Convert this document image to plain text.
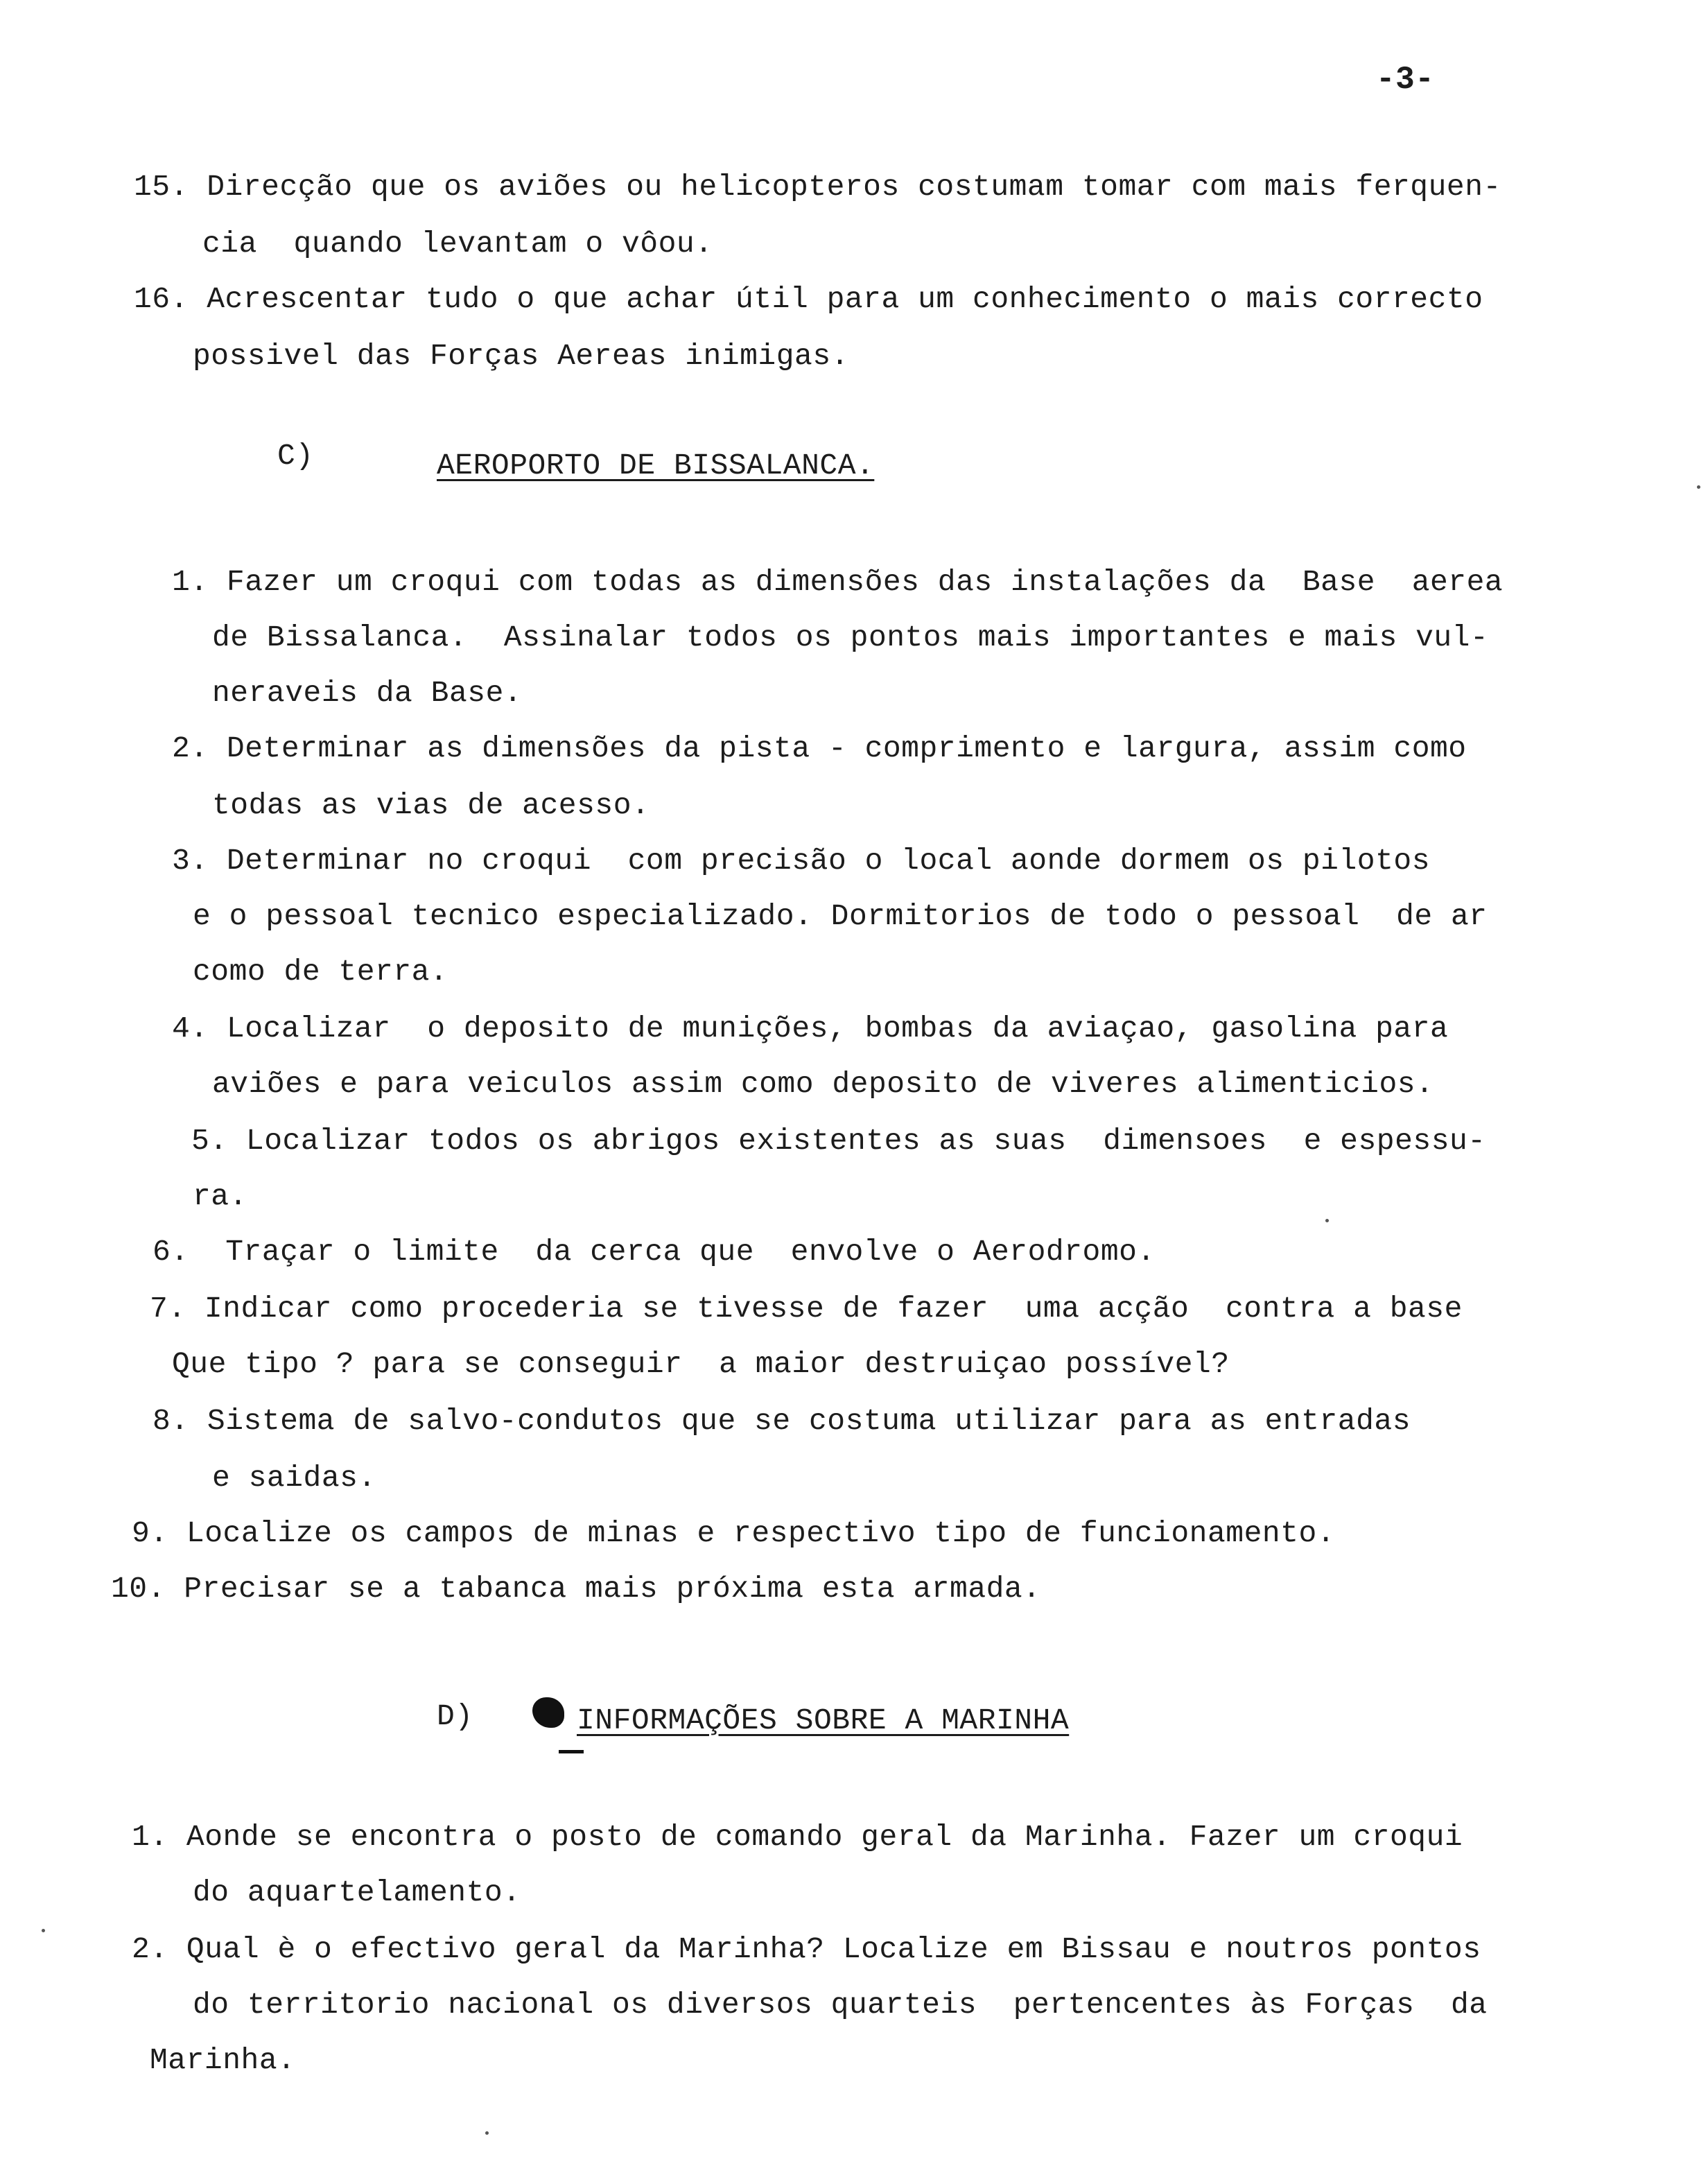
-3-
15. Direcção que os aviões ou helicopteros costumam tomar com mais ferquen-
cia  quando levantam o vôou.
16. Acrescentar tudo o que achar útil para um conhecimento o mais correcto
possivel das Forças Aereas inimigas.
C)	AEROPORTO DE BISSALANCA.
1. Fazer um croqui com todas as dimensões das instalações da  Base  aerea
de Bissalanca.  Assinalar todos os pontos mais importantes e mais vul-
neraveis da Base.
2. Determinar as dimensões da pista - comprimento e largura, assim como
todas as vias de acesso.
3. Determinar no croqui  com precisão o local aonde dormem os pilotos
e o pessoal tecnico especializado. Dormitorios de todo o pessoal  de ar
como de terra.
4. Localizar  o deposito de munições, bombas da aviaçao, gasolina para
aviões e para veiculos assim como deposito de viveres alimenticios.
5. Localizar todos os abrigos existentes as suas  dimensoes  e espessu-
ra.
6. Traçar o limite  da cerca que  envolve o Aerodromo.
7. Indicar como procederia se tivesse de fazer  uma acção  contra a base
Que tipo ? para se conseguir  a maior destruiçao possível?
8. Sistema de salvo-condutos que se costuma utilizar para as entradas
e saidas.
9. Localize os campos de minas e respectivo tipo de funcionamento.
10. Precisar se a tabanca mais próxima esta armada.
D)	INFORMAÇÕES SOBRE A MARINHA
1. Aonde se encontra o posto de comando geral da Marinha. Fazer um croqui
do aquartelamento.
2. Qual è o efectivo geral da Marinha? Localize em Bissau e noutros pontos
do territorio nacional os diversos quarteis  pertencentes às Forças  da
Marinha.
